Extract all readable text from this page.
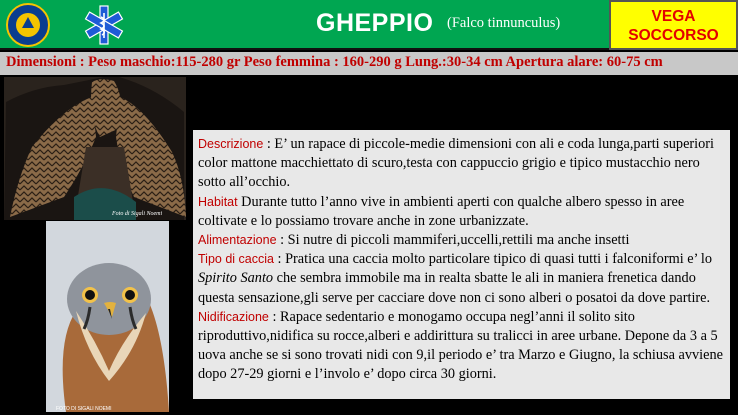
GHEPPIO (Falco tinnunculus)	VEGA
SOCCORSO
Dimensioni : Peso maschio:115-280 gr Peso femmina : 160-290 g Lung.:30-34 cm Apertura alare: 60-75 cm
Foto di Sigali Noemi
FOTO DI SIGALI NOEMI

Descrizione : E’ un rapace di piccole-medie dimensioni con ali e coda lunga,parti superiori color mattone macchiettato di scuro,testa con cappuccio grigio e tipico mustacchio nero sotto all’occhio.

Habitat Durante tutto l’anno vive in ambienti aperti con qualche albero spesso in aree coltivate e lo possiamo trovare anche in zone urbanizzate.

Alimentazione : Si nutre di piccoli mammiferi,uccelli,rettili ma anche insetti

Tipo di caccia : Pratica una caccia molto particolare tipico di quasi tutti i falconiformi e’ lo Spirito Santo che sembra immobile ma in realta sbatte le ali in maniera frenetica dando questa sensazione,gli serve per cacciare dove non ci sono alberi o posatoi da dove partire.

Nidificazione : Rapace sedentario e monogamo occupa negl’anni il solito sito riproduttivo,nidifica su rocce,alberi e addirittura su tralicci in aree urbane. Depone da 3 a 5 uova anche se si sono trovati nidi con 9,il periodo e’ tra Marzo e Giugno, la schiusa avviene dopo 27-29 giorni e l’involo e’ dopo circa 30 giorni.
